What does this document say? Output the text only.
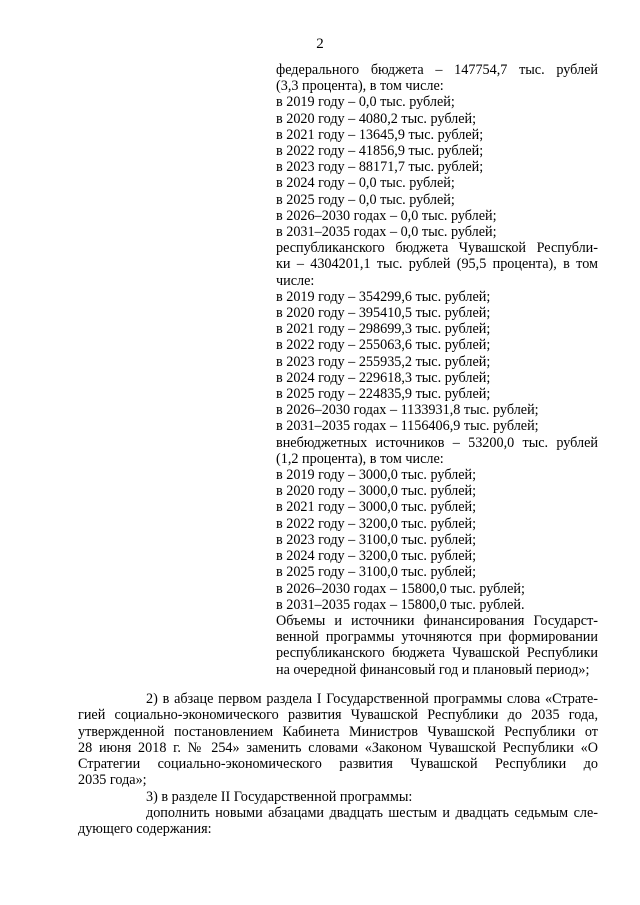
2
федерального бюджета – 147754,7 тыс. рублей
(3,3 процента), в том числе:
в 2019 году – 0,0 тыс. рублей;
в 2020 году – 4080,2 тыс. рублей;
в 2021 году – 13645,9 тыс. рублей;
в 2022 году – 41856,9 тыс. рублей;
в 2023 году – 88171,7 тыс. рублей;
в 2024 году – 0,0 тыс. рублей;
в 2025 году – 0,0 тыс. рублей;
в 2026–2030 годах – 0,0 тыс. рублей;
в 2031–2035 годах – 0,0 тыс. рублей;
республиканского бюджета Чувашской Республи-
ки – 4304201,1 тыс. рублей (95,5 процента), в том
числе:
в 2019 году – 354299,6 тыс. рублей;
в 2020 году – 395410,5 тыс. рублей;
в 2021 году – 298699,3 тыс. рублей;
в 2022 году – 255063,6 тыс. рублей;
в 2023 году – 255935,2 тыс. рублей;
в 2024 году – 229618,3 тыс. рублей;
в 2025 году – 224835,9 тыс. рублей;
в 2026–2030 годах – 1133931,8 тыс. рублей;
в 2031–2035 годах – 1156406,9 тыс. рублей;
внебюджетных источников – 53200,0 тыс. рублей
(1,2 процента), в том числе:
в 2019 году – 3000,0 тыс. рублей;
в 2020 году – 3000,0 тыс. рублей;
в 2021 году – 3000,0 тыс. рублей;
в 2022 году – 3200,0 тыс. рублей;
в 2023 году – 3100,0 тыс. рублей;
в 2024 году – 3200,0 тыс. рублей;
в 2025 году – 3100,0 тыс. рублей;
в 2026–2030 годах – 15800,0 тыс. рублей;
в 2031–2035 годах – 15800,0 тыс. рублей.
Объемы и источники финансирования Государст-
венной программы уточняются при формировании
республиканского бюджета Чувашской Республики
на очередной финансовый год и плановый период»;
2) в абзаце первом раздела I Государственной программы слова «Страте-
гией социально-экономического развития Чувашской Республики до 2035 года,
утвержденной постановлением Кабинета Министров Чувашской Республики от
28 июня 2018 г. № 254» заменить словами «Законом Чувашской Республики «О
Стратегии социально-экономического развития Чувашской Республики до
2035 года»;
3) в разделе II Государственной программы:
дополнить новыми абзацами двадцать шестым и двадцать седьмым сле-
дующего содержания:
